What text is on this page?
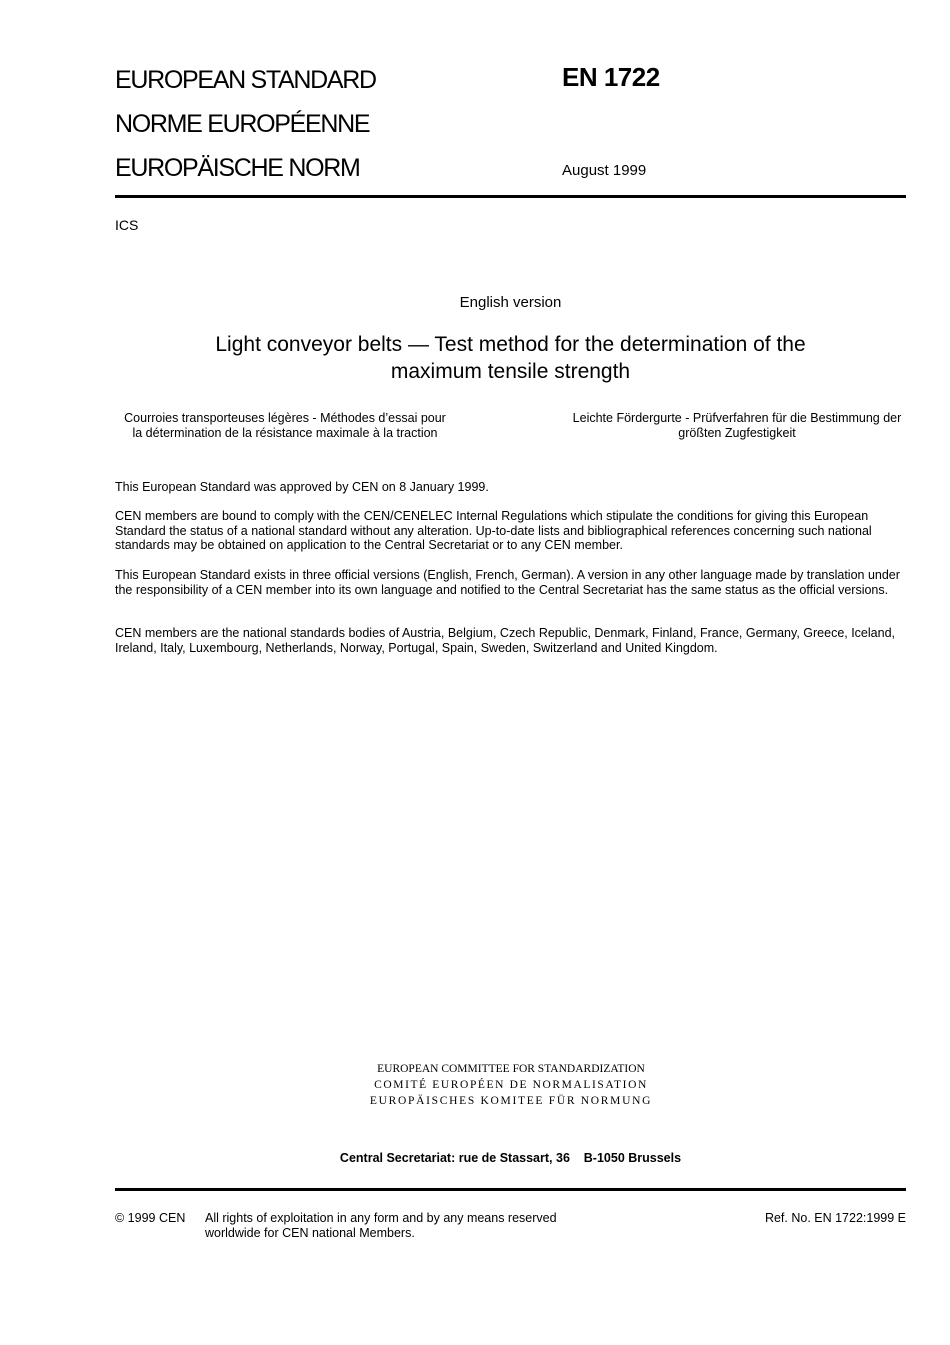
EUROPEAN STANDARD
NORME EUROPÉENNE
EUROPÄISCHE NORM
EN 1722
August 1999
ICS
English version
Light conveyor belts — Test method for the determination of the
maximum tensile strength
Courroies transporteuses légères - Méthodes d’essai pour
la détermination de la résistance maximale à la traction
Leichte Fördergurte - Prüfverfahren für die Bestimmung der
größten Zugfestigkeit
This European Standard was approved by CEN on 8 January 1999.
CEN members are bound to comply with the CEN/CENELEC Internal Regulations which stipulate the conditions for giving this European Standard the status of a national standard without any alteration. Up-to-date lists and bibliographical references concerning such national standards may be obtained on application to the Central Secretariat or to any CEN member.
This European Standard exists in three official versions (English, French, German). A version in any other language made by translation under the responsibility of a CEN member into its own language and notified to the Central Secretariat has the same status as the official versions.
CEN members are the national standards bodies of Austria, Belgium, Czech Republic, Denmark, Finland, France, Germany, Greece, Iceland, Ireland, Italy, Luxembourg, Netherlands, Norway, Portugal, Spain, Sweden, Switzerland and United Kingdom.
EUROPEAN COMMITTEE FOR STANDARDIZATION
COMITÉ EUROPÉEN DE NORMALISATION
EUROPÄISCHES KOMITEE FÜR NORMUNG
Central Secretariat: rue de Stassart, 36    B-1050 Brussels
© 1999 CEN All rights of exploitation in any form and by any means reserved
worldwide for CEN national Members.
Ref. No. EN 1722:1999 E
